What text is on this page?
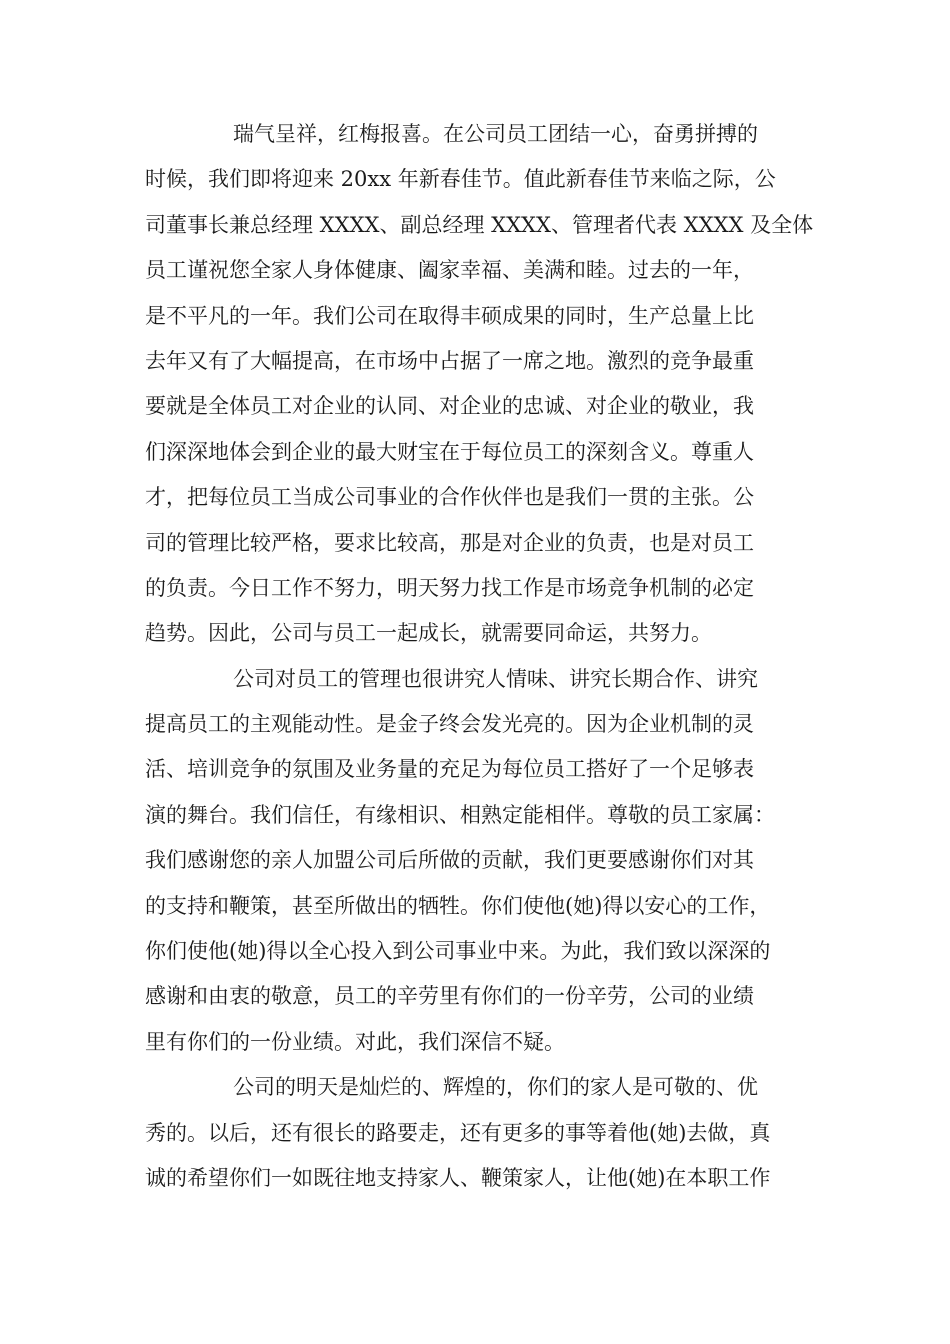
瑞气呈祥，红梅报喜。在公司员工团结一心，奋勇拼搏的
时候，我们即将迎来 20xx 年新春佳节。值此新春佳节来临之际，公
司董事长兼总经理 XXXX、副总经理 XXXX、管理者代表 XXXX 及全体
员工谨祝您全家人身体健康、阖家幸福、美满和睦。过去的一年，
是不平凡的一年。我们公司在取得丰硕成果的同时，生产总量上比
去年又有了大幅提高，在市场中占据了一席之地。激烈的竞争最重
要就是全体员工对企业的认同、对企业的忠诚、对企业的敬业，我
们深深地体会到企业的最大财宝在于每位员工的深刻含义。尊重人
才，把每位员工当成公司事业的合作伙伴也是我们一贯的主张。公
司的管理比较严格，要求比较高，那是对企业的负责，也是对员工
的负责。今日工作不努力，明天努力找工作是市场竞争机制的必定
趋势。因此，公司与员工一起成长，就需要同命运，共努力。
公司对员工的管理也很讲究人情味、讲究长期合作、讲究
提高员工的主观能动性。是金子终会发光亮的。因为企业机制的灵
活、培训竞争的氛围及业务量的充足为每位员工搭好了一个足够表
演的舞台。我们信任，有缘相识、相熟定能相伴。尊敬的员工家属：
我们感谢您的亲人加盟公司后所做的贡献，我们更要感谢你们对其
的支持和鞭策，甚至所做出的牺牲。你们使他(她)得以安心的工作，
你们使他(她)得以全心投入到公司事业中来。为此，我们致以深深的
感谢和由衷的敬意，员工的辛劳里有你们的一份辛劳，公司的业绩
里有你们的一份业绩。对此，我们深信不疑。
公司的明天是灿烂的、辉煌的，你们的家人是可敬的、优
秀的。以后，还有很长的路要走，还有更多的事等着他(她)去做，真
诚的希望你们一如既往地支持家人、鞭策家人，让他(她)在本职工作
